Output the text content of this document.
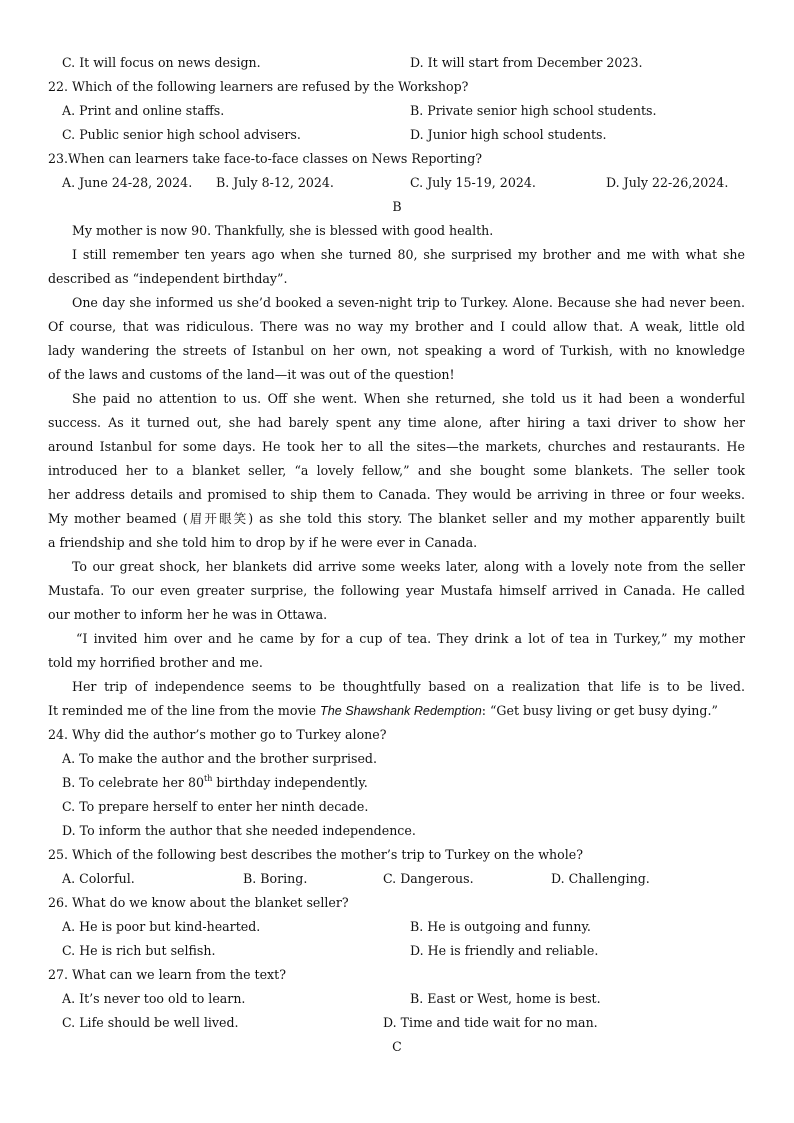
C. It will focus on news design.	D. It will start from December 2023.
22. Which of the following learners are refused by the Workshop?
A. Print and online staffs.	B. Private senior high school students.
C. Public senior high school advisers.	D. Junior high school students.
23.When can learners take face-to-face classes on News Reporting?
A. June 24-28, 2024. B. July 8-12, 2024.	C. July 15-19, 2024.	D. July 22-26,2024.
B
My mother is now 90. Thankfully, she is blessed with good health.
I still remember ten years ago when she turned 80, she surprised my brother and me with what she
described as “independent birthday”.
One day she informed us she’d booked a seven-night trip to Turkey. Alone. Because she had never been.
Of course, that was ridiculous. There was no way my brother and I could allow that. A weak, little old
lady wandering the streets of Istanbul on her own, not speaking a word of Turkish, with no knowledge
of the laws and customs of the land—it was out of the question!
She paid no attention to us. Off she went. When she returned, she told us it had been a wonderful
success. As it turned out, she had barely spent any time alone, after hiring a taxi driver to show her
around Istanbul for some days. He took her to all the sites—the markets, churches and restaurants. He
introduced her to a blanket seller, “a lovely fellow,” and she bought some blankets. The seller took
her address details and promised to ship them to Canada. They would be arriving in three or four weeks.
My mother beamed (眉开眼笑) as she told this story. The blanket seller and my mother apparently built
a friendship and she told him to drop by if he were ever in Canada.
To our great shock, her blankets did arrive some weeks later, along with a lovely note from the seller
Mustafa. To our even greater surprise, the following year Mustafa himself arrived in Canada. He called
our mother to inform her he was in Ottawa.
“I invited him over and he came by for a cup of tea. They drink a lot of tea in Turkey,” my mother
told my horrified brother and me.
Her trip of independence seems to be thoughtfully based on a realization that life is to be lived.
It reminded me of the line from the movie The Shawshank Redemption: “Get busy living or get busy dying.”
24. Why did the author’s mother go to Turkey alone?
A. To make the author and the brother surprised.
B. To celebrate her 80th birthday independently.
C. To prepare herself to enter her ninth decade.
D. To inform the author that she needed independence.
25. Which of the following best describes the mother’s trip to Turkey on the whole?
A. Colorful.	B. Boring.	C. Dangerous.	D. Challenging.
26. What do we know about the blanket seller?
A. He is poor but kind-hearted.	B. He is outgoing and funny.
C. He is rich but selfish.	D. He is friendly and reliable.
27. What can we learn from the text?
A. It’s never too old to learn.	B. East or West, home is best.
C. Life should be well lived.	D. Time and tide wait for no man.
C
